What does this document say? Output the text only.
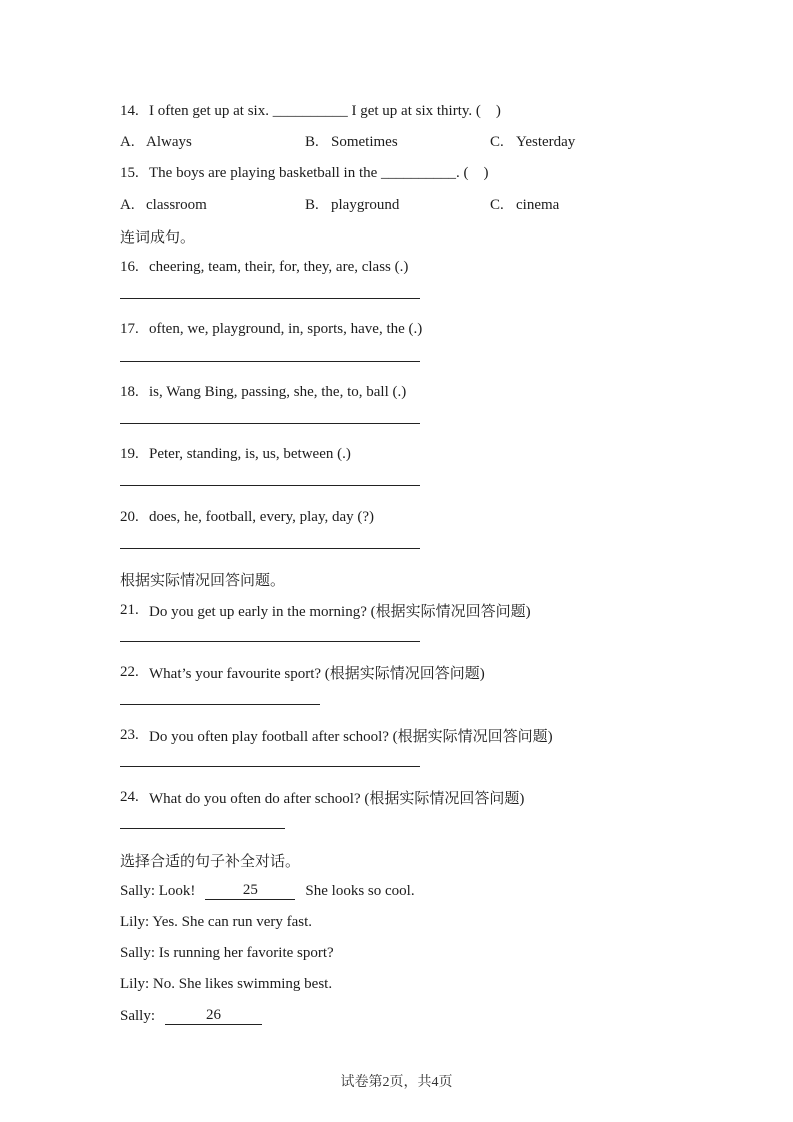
14. I often get up at six. __________ I get up at six thirty. (    )
A. Always	B. Sometimes	C. Yesterday
15. The boys are playing basketball in the __________. (    )
A. classroom	B. playground	C. cinema
连词成句。
16. cheering, team, their, for, they, are, class (.)
17. often, we, playground, in, sports, have, the (.)
18. is, Wang Bing, passing, she, the, to, ball (.)
19. Peter, standing, is, us, between (.)
20. does, he, football, every, play, day (?)
根据实际情况回答问题。
21. Do you get up early in the morning? (根据实际情况回答问题)
22. What’s your favourite sport? (根据实际情况回答问题)
23. Do you often play football after school? (根据实际情况回答问题)
24. What do you often do after school? (根据实际情况回答问题)
选择合适的句子补全对话。
Sally: Look!	25	She looks so cool.
Lily: Yes. She can run very fast.
Sally: Is running her favorite sport?
Lily: No. She likes swimming best.
Sally:	26
试卷第2页，共4页
